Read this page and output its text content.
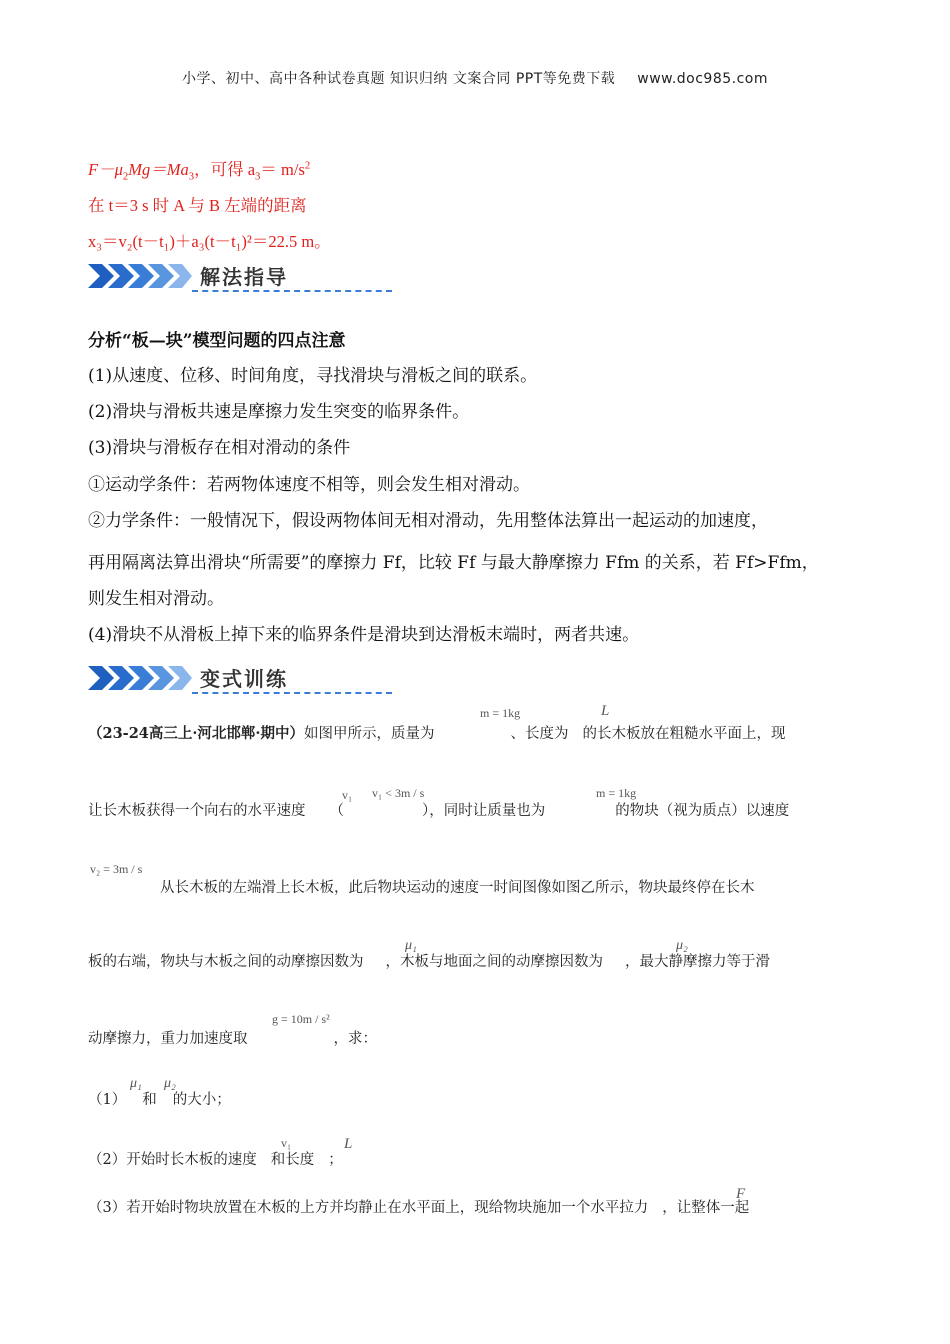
小学、初中、高中各种试卷真题 知识归纳 文案合同 PPT等免费下载 www.doc985.com
$F-\mu_2Mg=Ma_3$，可得 $a_3= m/s^2$
在 t＝3 s 时 A 与 B 左端的距离
x₃＝v₂(t－t₁)＋a₃(t－t₁)²＝22.5 m。
解法指导
分析“板—块”模型问题的四点注意
(1)从速度、位移、时间角度，寻找滑块与滑板之间的联系。
(2)滑块与滑板共速是摩擦力发生突变的临界条件。
(3)滑块与滑板存在相对滑动的条件
①运动学条件：若两物体速度不相等，则会发生相对滑动。
②力学条件：一般情况下，假设两物体间无相对滑动，先用整体法算出一起运动的加速度，
再用隔离法算出滑块“所需要”的摩擦力 Ff，比较 Ff 与最大静摩擦力 Ffm 的关系，若 Ff>Ffm，
则发生相对滑动。
(4)滑块不从滑板上掉下来的临界条件是滑块到达滑板末端时，两者共速。
变式训练
（23-24高三上·河北邯郸·期中）如图甲所示，质量为	、长度为 的长木板放在粗糙水平面上，现
m = 1kg	L
让长木板获得一个向右的水平速度 （	），同时让质量也为	的物块（视为质点）以速度
v₁ v₁ < 3m / s	m = 1kg
v₂ = 3m / s
从长木板的左端滑上长木板，此后物块运动的速度一时间图像如图乙所示，物块最终停在长木
板的右端，物块与木板之间的动摩擦因数为 ，木板与地面之间的动摩擦因数为 ，最大静摩擦力等于滑
μ₁	μ₂
动摩擦力，重力加速度取	，求：
g = 10m / s²
（1） 和 的大小；
μ₁ μ₂
（2）开始时长木板的速度 和长度 ；
v₁	L
（3）若开始时物块放置在木板的上方并均静止在水平面上，现给物块施加一个水平拉力 ，让整体一起
F
